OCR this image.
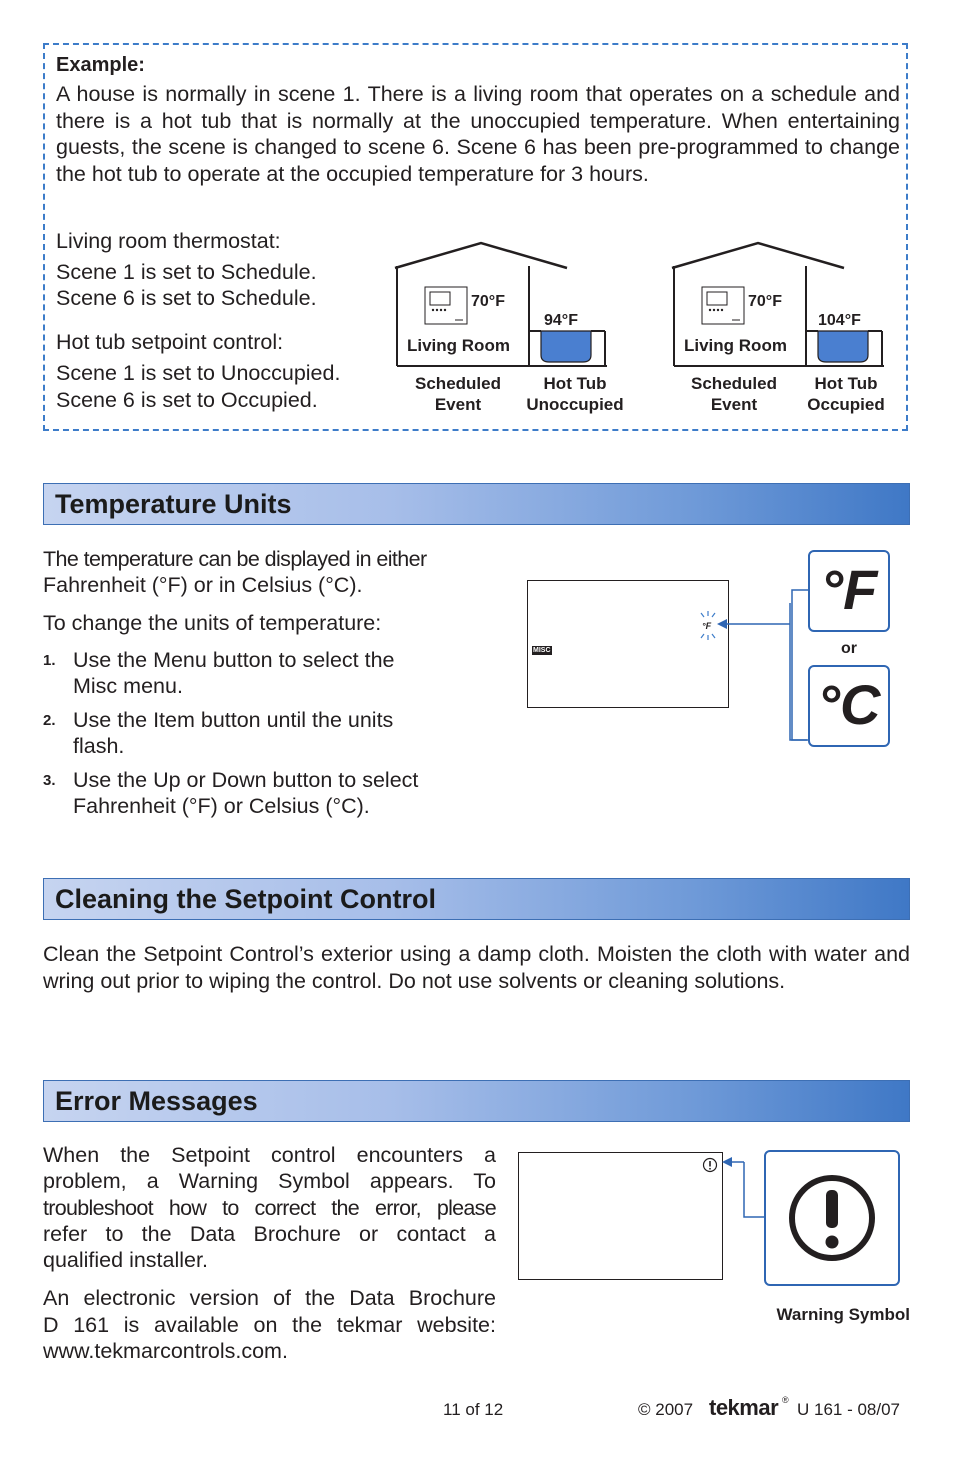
Example:
A house is normally in scene 1. There is a living room that operates on a schedule and there is a hot tub that is normally at the unoccupied temperature. When entertaining guests, the scene is changed to scene 6. Scene 6 has been pre-programmed to change the hot tub to operate at the occupied temperature for 3 hours.
Living room thermostat:
Scene 1 is set to Schedule.
Scene 6 is set to Schedule.
Hot tub setpoint control:
Scene 1 is set to Unoccupied.
Scene 6 is set to Occupied.
70°F
94°F
Living Room
Scheduled
Event
Hot Tub
Unoccupied
70°F
104°F
Living Room
Scheduled
Event
Hot Tub
Occupied
Temperature Units
The temperature can be displayed in either
Fahrenheit (°F) or in Celsius (°C).
To change the units of temperature:
1. Use the Menu button to select the
Misc menu.
2. Use the Item button until the units
flash.
3. Use the Up or Down button to select
Fahrenheit (°F) or Celsius (°C).
MISC
°F
°F
or
°C
Cleaning the Setpoint Control
Clean the Setpoint Control’s exterior using a damp cloth. Moisten the cloth with water and wring out prior to wiping the control. Do not use solvents or cleaning solutions.
Error Messages
When the Setpoint control encounters a
problem, a Warning Symbol appears. To
troubleshoot how to correct the error, please
refer to the Data Brochure or contact a
qualified installer.
An electronic version of the Data Brochure
D 161 is available on the tekmar website:
www.tekmarcontrols.com.
Warning Symbol
11 of 12	© 2007 tekmar ® U 161 - 08/07
